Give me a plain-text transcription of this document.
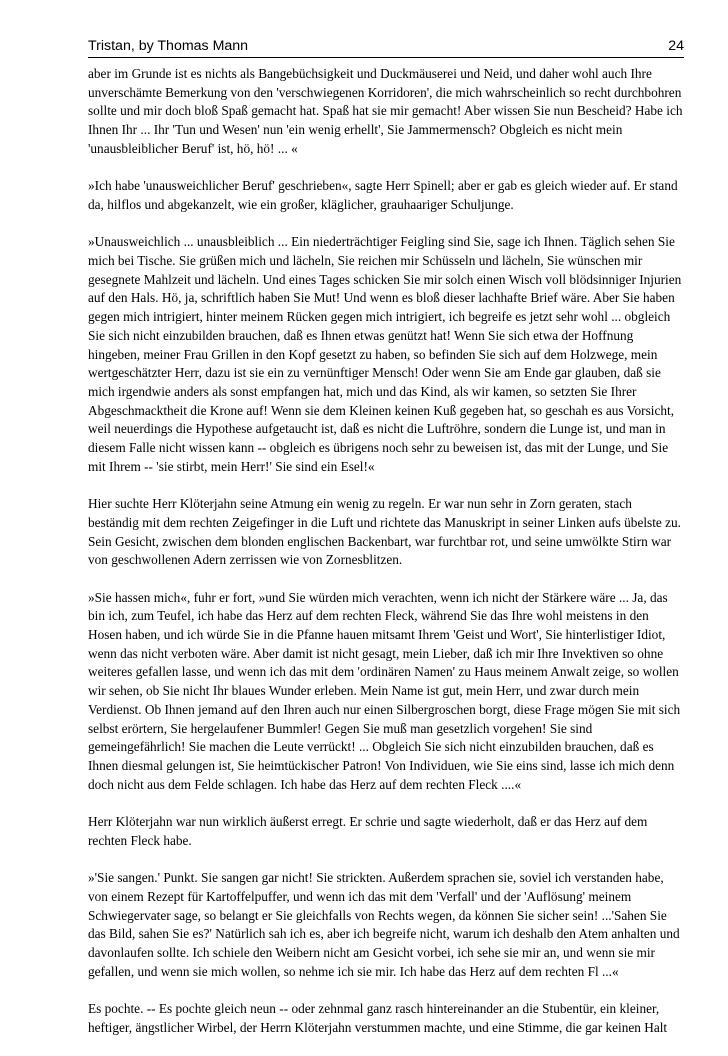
Tristan, by Thomas Mann	24

aber im Grunde ist es nichts als Bangebüchsigkeit und Duckmäuserei und Neid, und daher wohl auch Ihre unverschämte Bemerkung von den 'verschwiegenen Korridoren', die mich wahrscheinlich so recht durchbohren sollte und mir doch bloß Spaß gemacht hat. Spaß hat sie mir gemacht! Aber wissen Sie nun Bescheid? Habe ich Ihnen Ihr ... Ihr 'Tun und Wesen' nun 'ein wenig erhellt', Sie Jammermensch? Obgleich es nicht mein 'unausbleiblicher Beruf' ist, hö, hö! ... «

»Ich habe 'unausweichlicher Beruf' geschrieben«, sagte Herr Spinell; aber er gab es gleich wieder auf. Er stand da, hilflos und abgekanzelt, wie ein großer, kläglicher, grauhaariger Schuljunge.

»Unausweichlich ... unausbleiblich ... Ein niederträchtiger Feigling sind Sie, sage ich Ihnen. Täglich sehen Sie mich bei Tische. Sie grüßen mich und lächeln, Sie reichen mir Schüsseln und lächeln, Sie wünschen mir gesegnete Mahlzeit und lächeln. Und eines Tages schicken Sie mir solch einen Wisch voll blödsinniger Injurien auf den Hals. Hö, ja, schriftlich haben Sie Mut! Und wenn es bloß dieser lachhafte Brief wäre. Aber Sie haben gegen mich intrigiert, hinter meinem Rücken gegen mich intrigiert, ich begreife es jetzt sehr wohl ... obgleich Sie sich nicht einzubilden brauchen, daß es Ihnen etwas genützt hat! Wenn Sie sich etwa der Hoffnung hingeben, meiner Frau Grillen in den Kopf gesetzt zu haben, so befinden Sie sich auf dem Holzwege, mein wertgeschätzter Herr, dazu ist sie ein zu vernünftiger Mensch! Oder wenn Sie am Ende gar glauben, daß sie mich irgendwie anders als sonst empfangen hat, mich und das Kind, als wir kamen, so setzten Sie Ihrer Abgeschmacktheit die Krone auf! Wenn sie dem Kleinen keinen Kuß gegeben hat, so geschah es aus Vorsicht, weil neuerdings die Hypothese aufgetaucht ist, daß es nicht die Luftröhre, sondern die Lunge ist, und man in diesem Falle nicht wissen kann -- obgleich es übrigens noch sehr zu beweisen ist, das mit der Lunge, und Sie mit Ihrem -- 'sie stirbt, mein Herr!' Sie sind ein Esel!«

Hier suchte Herr Klöterjahn seine Atmung ein wenig zu regeln. Er war nun sehr in Zorn geraten, stach beständig mit dem rechten Zeigefinger in die Luft und richtete das Manuskript in seiner Linken aufs übelste zu. Sein Gesicht, zwischen dem blonden englischen Backenbart, war furchtbar rot, und seine umwölkte Stirn war von geschwollenen Adern zerrissen wie von Zornesblitzen.

»Sie hassen mich«, fuhr er fort, »und Sie würden mich verachten, wenn ich nicht der Stärkere wäre ... Ja, das bin ich, zum Teufel, ich habe das Herz auf dem rechten Fleck, während Sie das Ihre wohl meistens in den Hosen haben, und ich würde Sie in die Pfanne hauen mitsamt Ihrem 'Geist und Wort', Sie hinterlistiger Idiot, wenn das nicht verboten wäre. Aber damit ist nicht gesagt, mein Lieber, daß ich mir Ihre Invektiven so ohne weiteres gefallen lasse, und wenn ich das mit dem 'ordinären Namen' zu Haus meinem Anwalt zeige, so wollen wir sehen, ob Sie nicht Ihr blaues Wunder erleben. Mein Name ist gut, mein Herr, und zwar durch mein Verdienst. Ob Ihnen jemand auf den Ihren auch nur einen Silbergroschen borgt, diese Frage mögen Sie mit sich selbst erörtern, Sie hergelaufener Bummler! Gegen Sie muß man gesetzlich vorgehen! Sie sind gemeingefährlich! Sie machen die Leute verrückt! ... Obgleich Sie sich nicht einzubilden brauchen, daß es Ihnen diesmal gelungen ist, Sie heimtückischer Patron! Von Individuen, wie Sie eins sind, lasse ich mich denn doch nicht aus dem Felde schlagen. Ich habe das Herz auf dem rechten Fleck ....«

Herr Klöterjahn war nun wirklich äußerst erregt. Er schrie und sagte wiederholt, daß er das Herz auf dem rechten Fleck habe.

»'Sie sangen.' Punkt. Sie sangen gar nicht! Sie strickten. Außerdem sprachen sie, soviel ich verstanden habe, von einem Rezept für Kartoffelpuffer, und wenn ich das mit dem 'Verfall' und der 'Auflösung' meinem Schwiegervater sage, so belangt er Sie gleichfalls von Rechts wegen, da können Sie sicher sein! ...'Sahen Sie das Bild, sahen Sie es?' Natürlich sah ich es, aber ich begreife nicht, warum ich deshalb den Atem anhalten und davonlaufen sollte. Ich schiele den Weibern nicht am Gesicht vorbei, ich sehe sie mir an, und wenn sie mir gefallen, und wenn sie mich wollen, so nehme ich sie mir. Ich habe das Herz auf dem rechten Fl ...«

Es pochte. -- Es pochte gleich neun -- oder zehnmal ganz rasch hintereinander an die Stubentür, ein kleiner, heftiger, ängstlicher Wirbel, der Herrn Klöterjahn verstummen machte, und eine Stimme, die gar keinen Halt
